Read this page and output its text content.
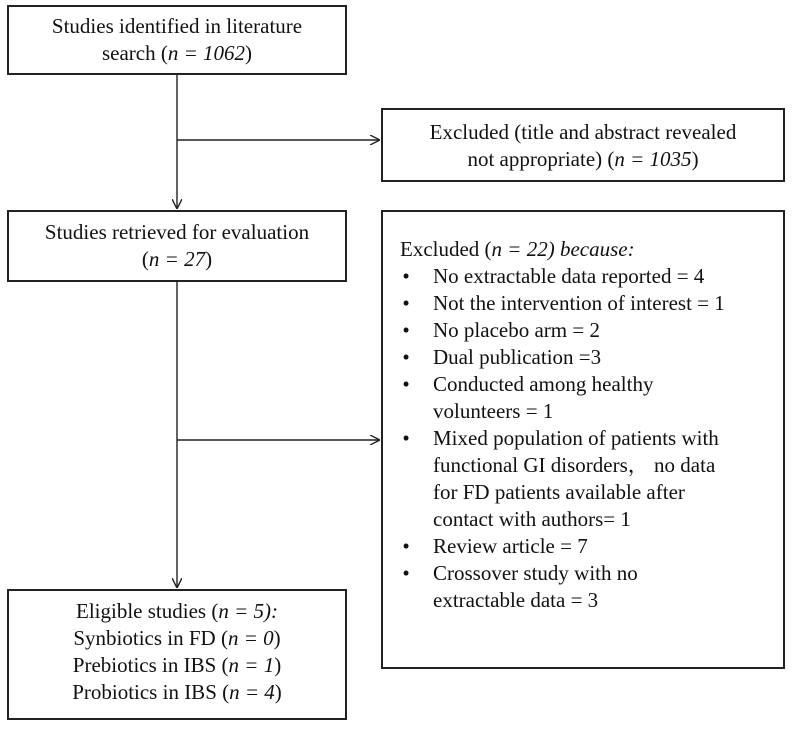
Studies identified in literature
search (n = 1062)
Excluded (title and abstract revealed
not appropriate) (n = 1035)
Studies retrieved for evaluation
(n = 27)	Excluded (n = 22) because:
• No extractable data reported = 4
• Not the intervention of interest = 1
• No placebo arm = 2
• Dual publication =3
• Conducted among healthy
volunteers = 1
• Mixed population of patients with
functional GI disorders， no data
for FD patients available after
contact with authors= 1
• Review article = 7
• Crossover study with no
extractable data = 3
Eligible studies (n = 5):
Synbiotics in FD (n = 0)
Prebiotics in IBS (n = 1)
Probiotics in IBS (n = 4)
